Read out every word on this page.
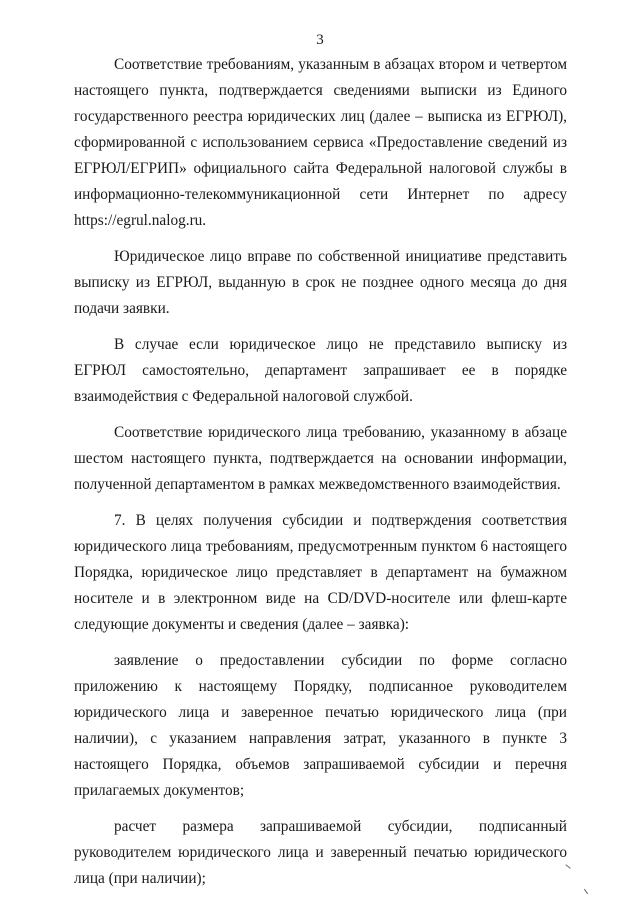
3

Соответствие требованиям, указанным в абзацах втором и четвертом настоящего пункта, подтверждается сведениями выписки из Единого государственного реестра юридических лиц (далее – выписка из ЕГРЮЛ), сформированной с использованием сервиса «Предоставление сведений из ЕГРЮЛ/ЕГРИП» официального сайта Федеральной налоговой службы в информационно-телекоммуникационной сети Интернет по адресу https://egrul.nalog.ru.

Юридическое лицо вправе по собственной инициативе представить выписку из ЕГРЮЛ, выданную в срок не позднее одного месяца до дня подачи заявки.

В случае если юридическое лицо не представило выписку из ЕГРЮЛ самостоятельно, департамент запрашивает ее в порядке взаимодействия с Федеральной налоговой службой.

Соответствие юридического лица требованию, указанному в абзаце шестом настоящего пункта, подтверждается на основании информации, полученной департаментом в рамках межведомственного взаимодействия.

7. В целях получения субсидии и подтверждения соответствия юридического лица требованиям, предусмотренным пунктом 6 настоящего Порядка, юридическое лицо представляет в департамент на бумажном носителе и в электронном виде на CD/DVD-носителе или флеш-карте следующие документы и сведения (далее – заявка):

заявление о предоставлении субсидии по форме согласно приложению к настоящему Порядку, подписанное руководителем юридического лица и заверенное печатью юридического лица (при наличии), с указанием направления затрат, указанного в пункте 3 настоящего Порядка, объемов запрашиваемой субсидии и перечня прилагаемых документов;

расчет размера запрашиваемой субсидии, подписанный руководителем юридического лица и заверенный печатью юридического лица (при наличии);
